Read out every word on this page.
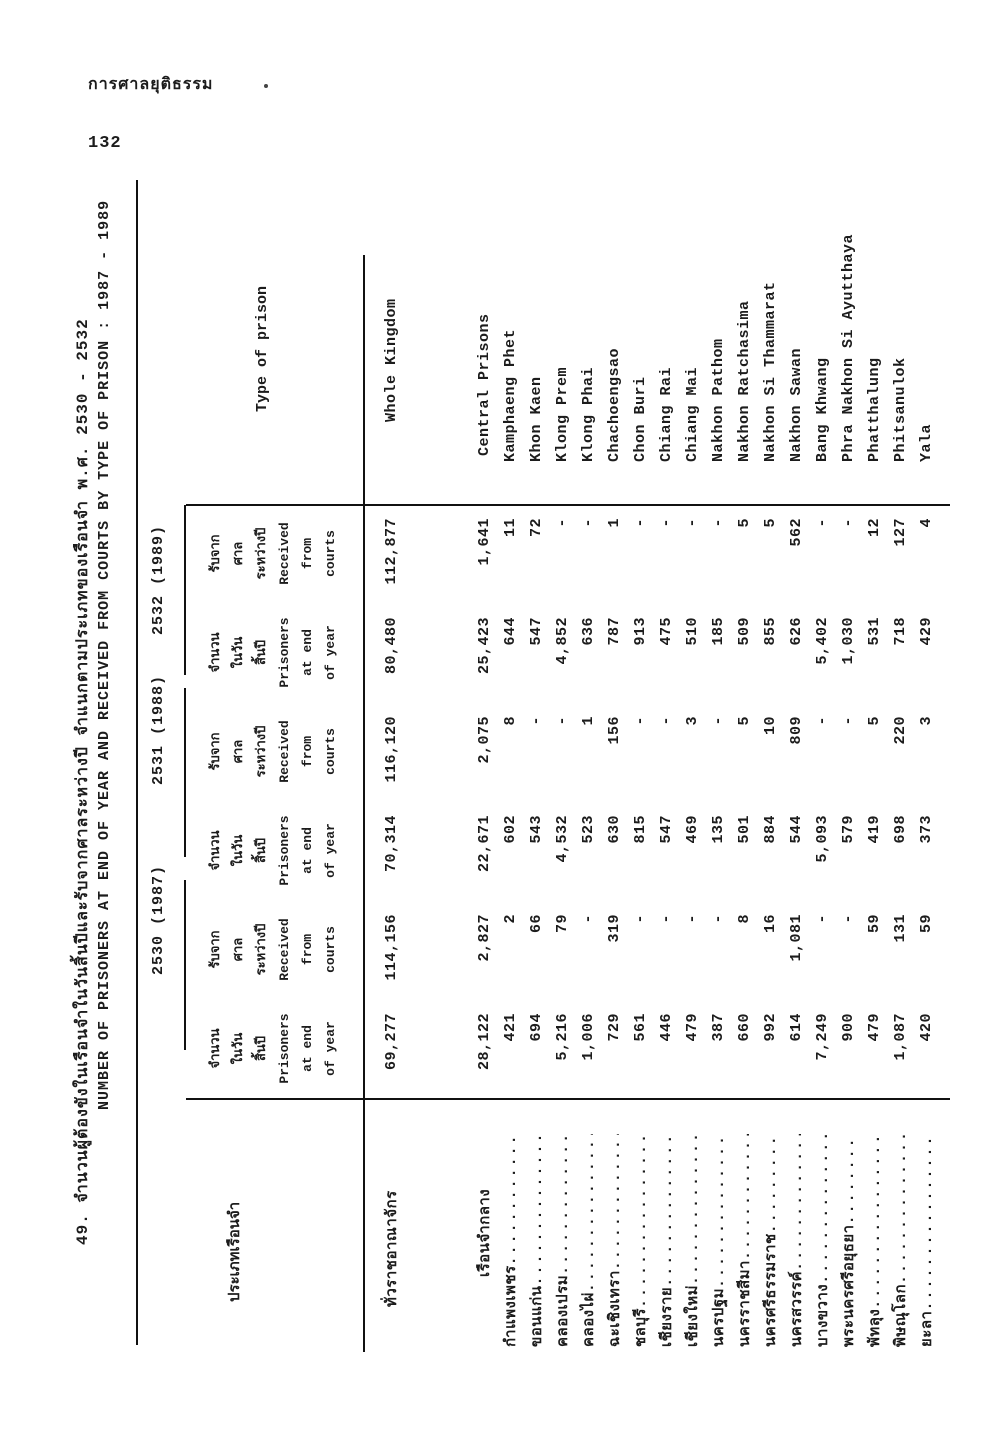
การศาลยุติธรรม
132
49. จำนวนผู้ต้องขังในเรือนจำในวันสิ้นปีและรับจากศาลระหว่างปี จำแนกตามประเภทของเรือนจำ พ.ศ. 2530 - 2532 NUMBER OF PRISONERS AT END OF YEAR AND RECEIVED FROM COURTS BY TYPE OF PRISON : 1987 - 1989 2530 (1987)
2531 (1988)
2532 (1989)
จำนวน ในวัน สิ้นปี Prisoners at end of year
รับจาก ศาล ระหว่างปี Received from courts
จำนวน ในวัน สิ้นปี Prisoners at end of year
รับจาก ศาล ระหว่างปี Received from courts
จำนวน ในวัน สิ้นปี Prisoners at end of year
รับจาก ศาล ระหว่างปี Received from courts
ประเภทเรือนจำ
Type of prison
ทั่วราชอาณาจักร
69,277
114,156
70,314
116,120
80,480
112,877
Whole Kingdom
เรือนจำกลาง
28,122
2,827
22,671
2,075
25,423
1,641
Central Prisons
กำแพงเพชร
.....
421
2
602
8
644
11
Kamphaeng Phet
ขอนแก่น
.....
694
66
543
-
547
72
Khon Kaen
คลองเปรม
.....
5,216
79
4,532
-
4,852
-
Klong Prem
คลองไผ่
.....
1,006
-
523
1
636
-
Klong Phai
ฉะเชิงเทรา
.....
729
319
630
156
787
1
Chachoengsao
ชลบุรี
.....
561
-
815
-
913
-
Chon Buri
เชียงราย
.....
446
-
547
-
475
-
Chiang Rai
เชียงใหม่
.....
479
-
469
3
510
-
Chiang Mai
นครปฐม
.....
387
-
135
-
185
-
Nakhon Pathom
นครราชสีมา
.....
660
8
501
5
509
5
Nakhon Ratchasima
นครศรีธรรมราช
.....
992
16
884
10
855
5
Nakhon Si Thammarat
นครสวรรค์
.....
614
1,081
544
809
626
562
Nakhon Sawan
บางขวาง
.....
7,249
-
5,093
-
5,402
-
Bang Khwang
พระนครศรีอยุธยา
.....
900
-
579
-
1,030
-
Phra Nakhon Si Ayutthaya
พัทลุง
.....
479
59
419
5
531
12
Phatthalung
พิษณุโลก
.....
1,087
131
698
220
718
127
Phitsanulok
ยะลา
.....
420
59
373
3
429
4
Yala
